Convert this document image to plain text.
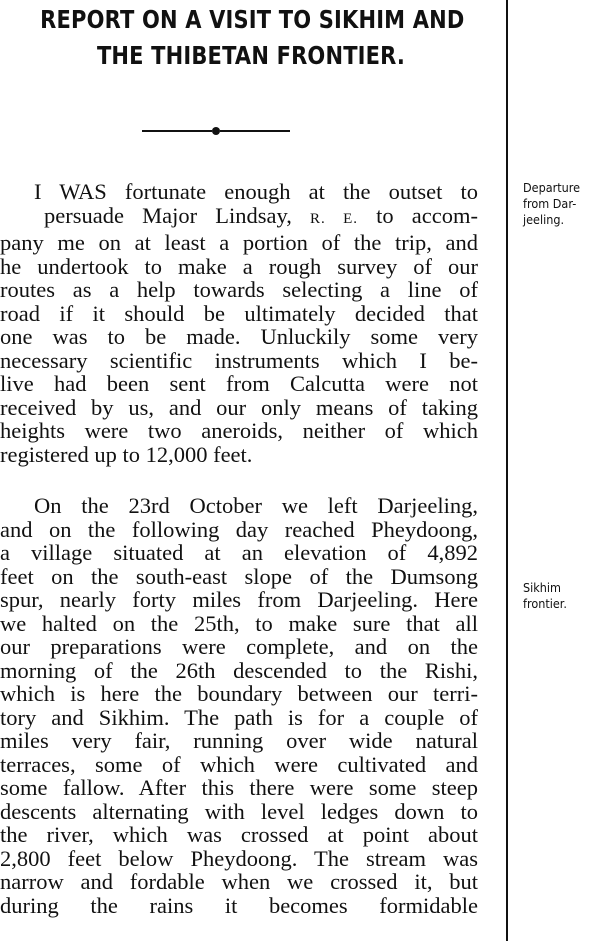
REPORT ON A VISIT TO SIKHIM AND
THE THIBETAN FRONTIER.
I WAS fortunate enough at the outset to
persuade Major Lindsay, R. E. to accom-
pany me on at least a portion of the trip, and
he undertook to make a rough survey of our
routes as a help towards selecting a line of
road if it should be ultimately decided that
one was to be made. Unluckily some very
necessary scientific instruments which I be-
live had been sent from Calcutta were not
received by us, and our only means of taking
heights were two aneroids, neither of which
registered up to 12,000 feet.
On the 23rd October we left Darjeeling,
and on the following day reached Pheydoong,
a village situated at an elevation of 4,892
feet on the south-east slope of the Dumsong
spur, nearly forty miles from Darjeeling. Here
we halted on the 25th, to make sure that all
our preparations were complete, and on the
morning of the 26th descended to the Rishi,
which is here the boundary between our terri-
tory and Sikhim. The path is for a couple of
miles very fair, running over wide natural
terraces, some of which were cultivated and
some fallow. After this there were some steep
descents alternating with level ledges down to
the river, which was crossed at point about
2,800 feet below Pheydoong. The stream was
narrow and fordable when we crossed it, but
during the rains it becomes formidable
Departure
from Dar-
jeeling.
Sikhim
frontier.
